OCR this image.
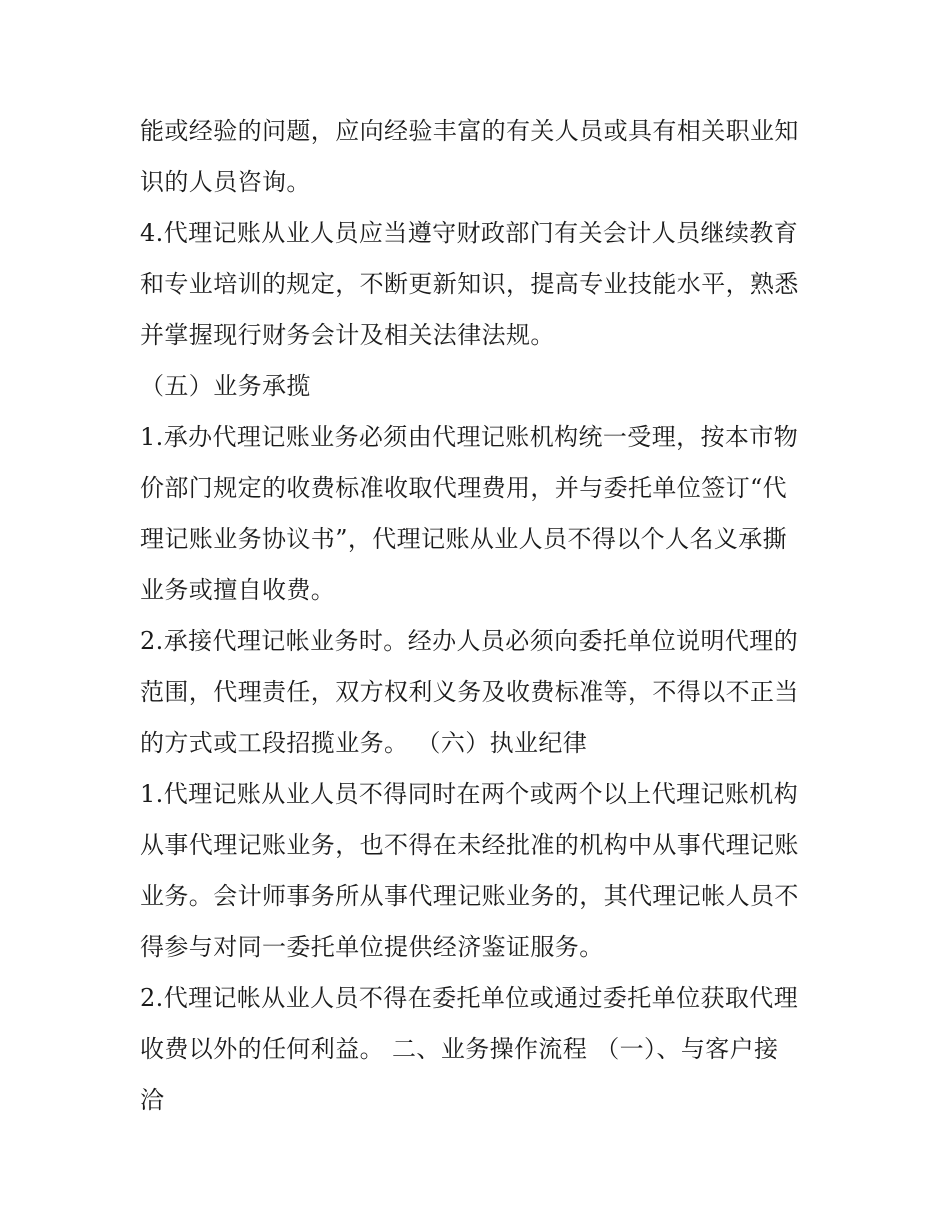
能或经验的问题，应向经验丰富的有关人员或具有相关职业知
识的人员咨询。
4.代理记账从业人员应当遵守财政部门有关会计人员继续教育
和专业培训的规定，不断更新知识，提高专业技能水平，熟悉
并掌握现行财务会计及相关法律法规。
（五）业务承揽
1.承办代理记账业务必须由代理记账机构统一受理，按本市物
价部门规定的收费标准收取代理费用，并与委托单位签订“代
理记账业务协议书”，代理记账从业人员不得以个人名义承撕
业务或擅自收费。
2.承接代理记帐业务时。经办人员必须向委托单位说明代理的
范围，代理责任，双方权利义务及收费标准等，不得以不正当
的方式或工段招揽业务。 （六）执业纪律
1.代理记账从业人员不得同时在两个或两个以上代理记账机构
从事代理记账业务，也不得在未经批准的机构中从事代理记账
业务。会计师事务所从事代理记账业务的，其代理记帐人员不
得参与对同一委托单位提供经济鉴证服务。
2.代理记帐从业人员不得在委托单位或通过委托单位获取代理
收费以外的任何利益。 二、业务操作流程 （一）、与客户接
洽
